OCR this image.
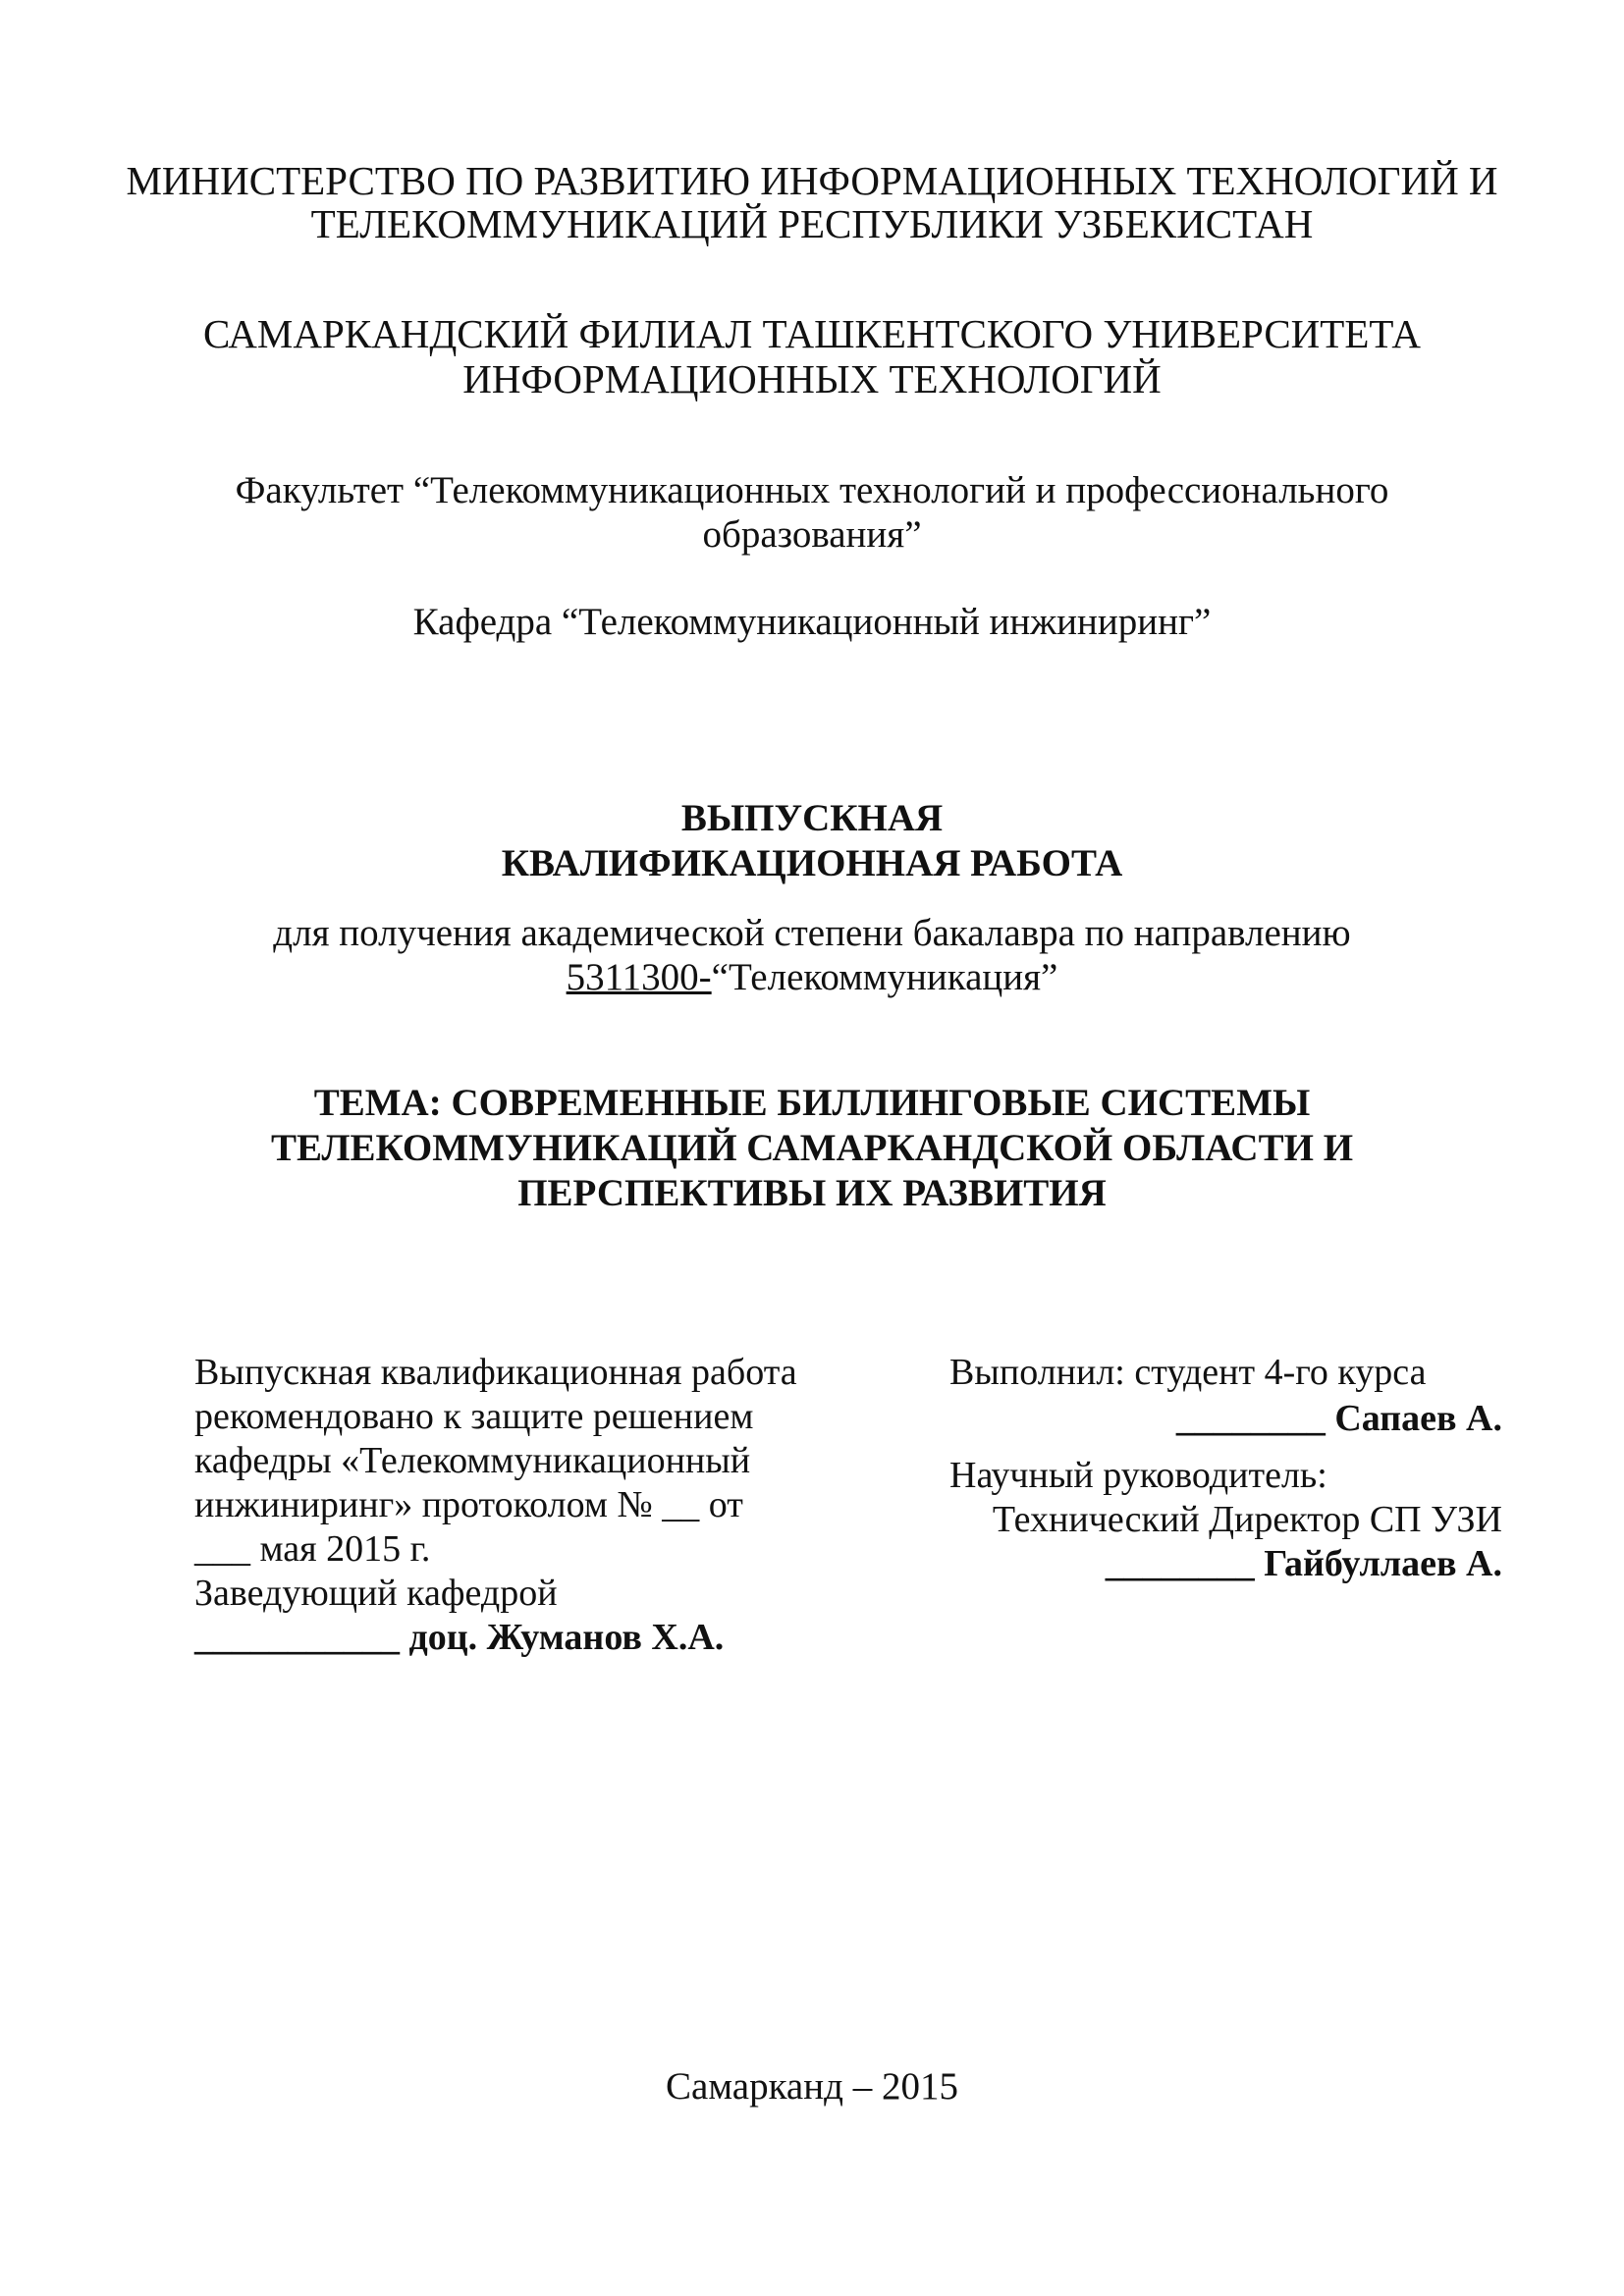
МИНИСТЕРСТВО ПО РАЗВИТИЮ ИНФОРМАЦИОННЫХ ТЕХНОЛОГИЙ И
ТЕЛЕКОММУНИКАЦИЙ РЕСПУБЛИКИ УЗБЕКИСТАН
САМАРКАНДСКИЙ ФИЛИАЛ ТАШКЕНТСКОГО УНИВЕРСИТЕТА
ИНФОРМАЦИОННЫХ ТЕХНОЛОГИЙ
Факультет “Телекоммуникационных технологий и профессионального
образования”
Кафедра “Телекоммуникационный инжиниринг”
ВЫПУСКНАЯ
КВАЛИФИКАЦИОННАЯ РАБОТА
для получения академической степени бакалавра по направлению
5311300-“Телекоммуникация”
ТЕМА: СОВРЕМЕННЫЕ БИЛЛИНГОВЫЕ СИСТЕМЫ
ТЕЛЕКОММУНИКАЦИЙ САМАРКАНДСКОЙ ОБЛАСТИ И
ПЕРСПЕКТИВЫ ИХ РАЗВИТИЯ
Выпускная квалификационная работа
рекомендовано к защите решением
кафедры «Телекоммуникационный
инжиниринг» протоколом № __ от
___ мая 2015 г.
Заведующий кафедрой
___________ доц. Жуманов Х.А.
Выполнил: студент 4-го курса
________ Сапаев А.
Научный руководитель:
Технический Директор СП УЗИ
________ Гайбуллаев А.
Самарканд – 2015
